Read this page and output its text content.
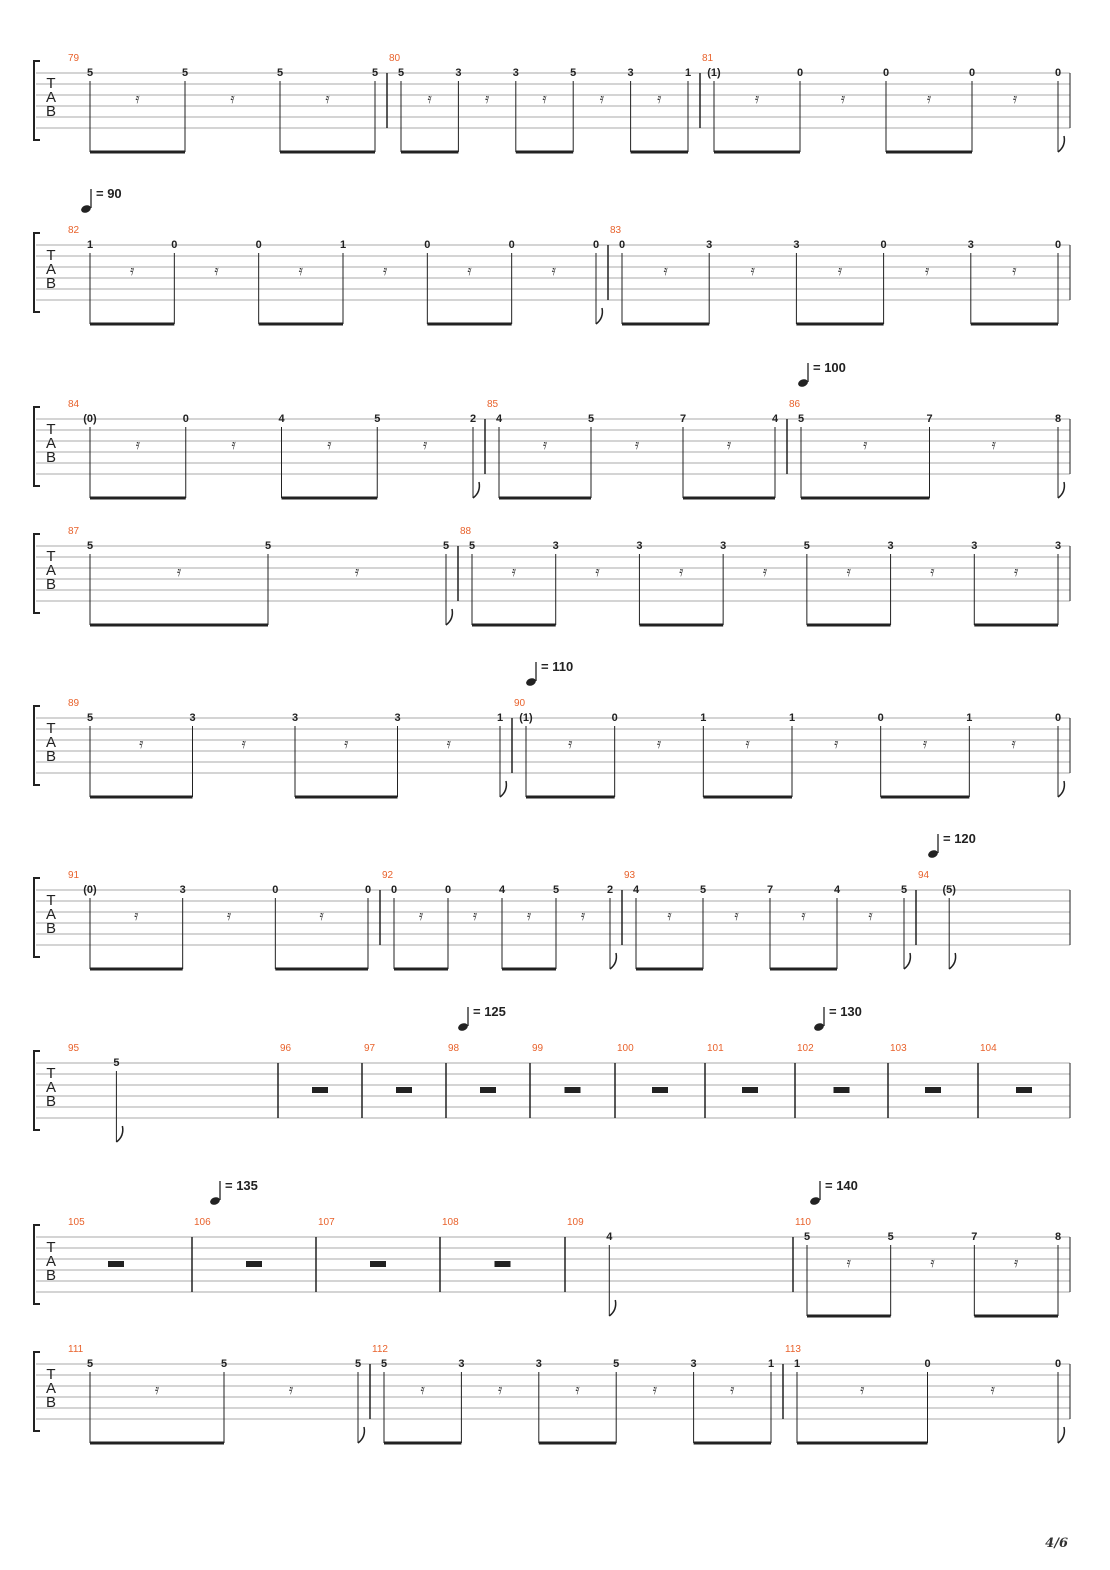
T
A
B
79
5
𝄿
5
𝄿
5
𝄿
5
80
5
𝄿
3
𝄿
3
𝄿
5
𝄿
3
𝄿
1
81
(1)
𝄿
0
𝄿
0
𝄿
0
𝄿
0
T
A
B
82
1
𝄿
0
𝄿
0
𝄿
1
𝄿
0
𝄿
0
𝄿
0
83
0
𝄿
3
𝄿
3
𝄿
0
𝄿
3
𝄿
0
= 90
T
A
B
84
(0)
𝄿
0
𝄿
4
𝄿
5
𝄿
2
85
4
𝄿
5
𝄿
7
𝄿
4
86
5
𝄿
7
𝄿
8
= 100
T
A
B
87
5
𝄿
5
𝄿
5
88
5
𝄿
3
𝄿
3
𝄿
3
𝄿
5
𝄿
3
𝄿
3
𝄿
3
T
A
B
89
5
𝄿
3
𝄿
3
𝄿
3
𝄿
1
90
(1)
𝄿
0
𝄿
1
𝄿
1
𝄿
0
𝄿
1
𝄿
0
= 110
T
A
B
91
(0)
𝄿
3
𝄿
0
𝄿
0
92
0
𝄿
0
𝄿
4
𝄿
5
𝄿
2
93
4
𝄿
5
𝄿
7
𝄿
4
𝄿
5
94
(5)
= 120
T
A
B
95
5
96	97	98	99	100	101	102	103	104
= 125	= 130
T
A
B
105	106	107	108	109
4
110
5
𝄿
5
𝄿
7
𝄿
8
= 135	= 140
T
A
B
111
5
𝄿
5
𝄿
5
112
5
𝄿
3
𝄿
3
𝄿
5
𝄿
3
𝄿
1
113
1
𝄿
0
𝄿
0
4/6
